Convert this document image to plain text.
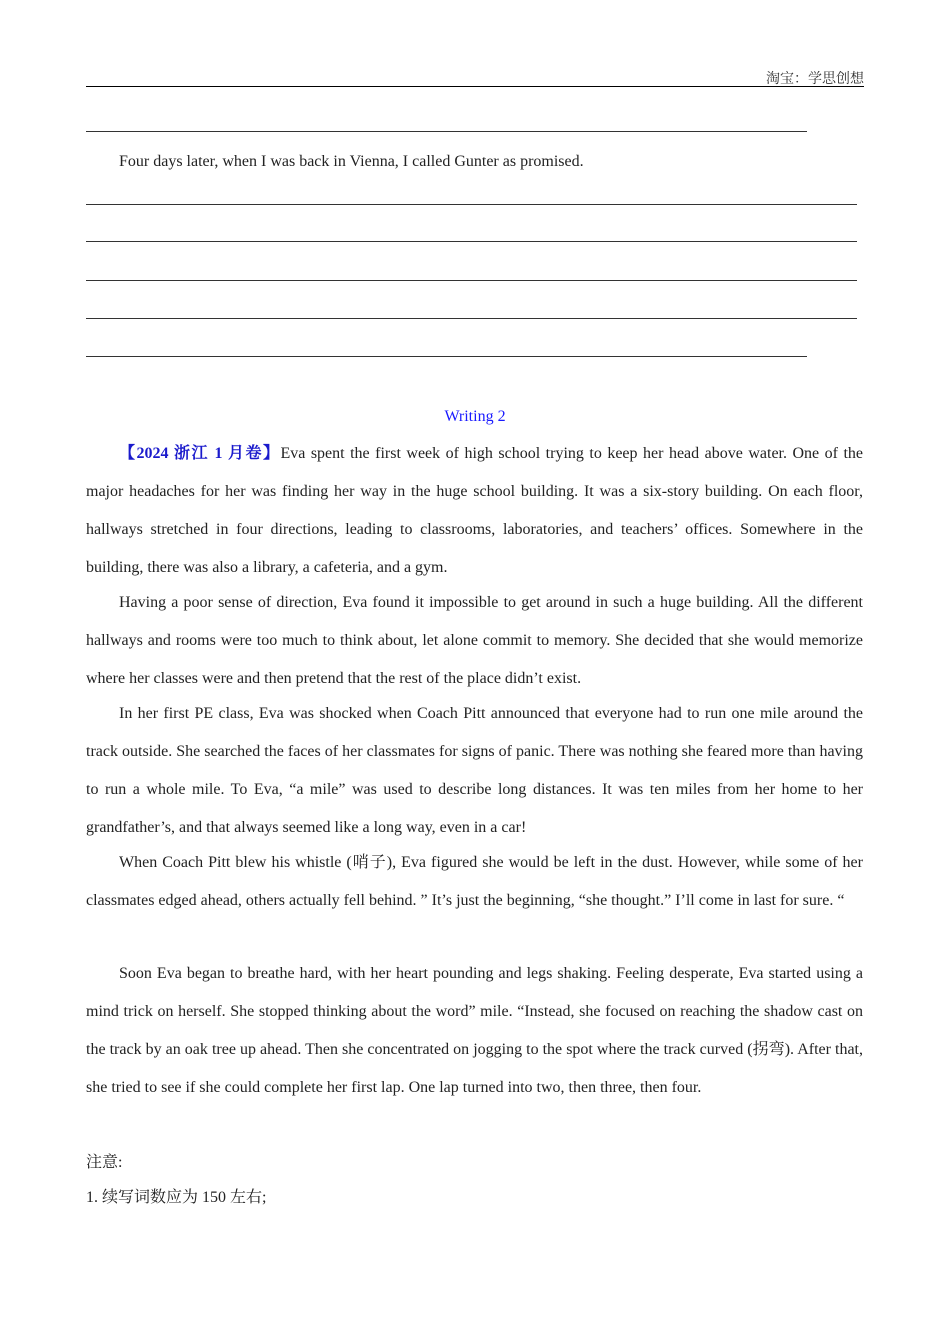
淘宝：学思创想
Four days later, when I was back in Vienna, I called Gunter as promised.
Writing 2

【2024 浙江 1 月卷】Eva spent the first week of high school trying to keep her head above water. One of the major headaches for her was finding her way in the huge school building. It was a six-story building. On each floor, hallways stretched in four directions, leading to classrooms, laboratories, and teachers’ offices. Somewhere in the building, there was also a library, a cafeteria, and a gym.

Having a poor sense of direction, Eva found it impossible to get around in such a huge building. All the different hallways and rooms were too much to think about, let alone commit to memory. She decided that she would memorize where her classes were and then pretend that the rest of the place didn’t exist.

In her first PE class, Eva was shocked when Coach Pitt announced that everyone had to run one mile around the track outside. She searched the faces of her classmates for signs of panic. There was nothing she feared more than having to run a whole mile. To Eva, “a mile” was used to describe long distances. It was ten miles from her home to her grandfather’s, and that always seemed like a long way, even in a car!

When Coach Pitt blew his whistle (哨子), Eva figured she would be left in the dust. However, while some of her classmates edged ahead, others actually fell behind. ” It’s just the beginning, “she thought.” I’ll come in last for sure. “

Soon Eva began to breathe hard, with her heart pounding and legs shaking. Feeling desperate, Eva started using a mind trick on herself. She stopped thinking about the word” mile. “Instead, she focused on reaching the shadow cast on the track by an oak tree up ahead. Then she concentrated on jogging to the spot where the track curved (拐弯). After that, she tried to see if she could complete her first lap. One lap turned into two, then three, then four.

注意:
1. 续写词数应为 150 左右;
